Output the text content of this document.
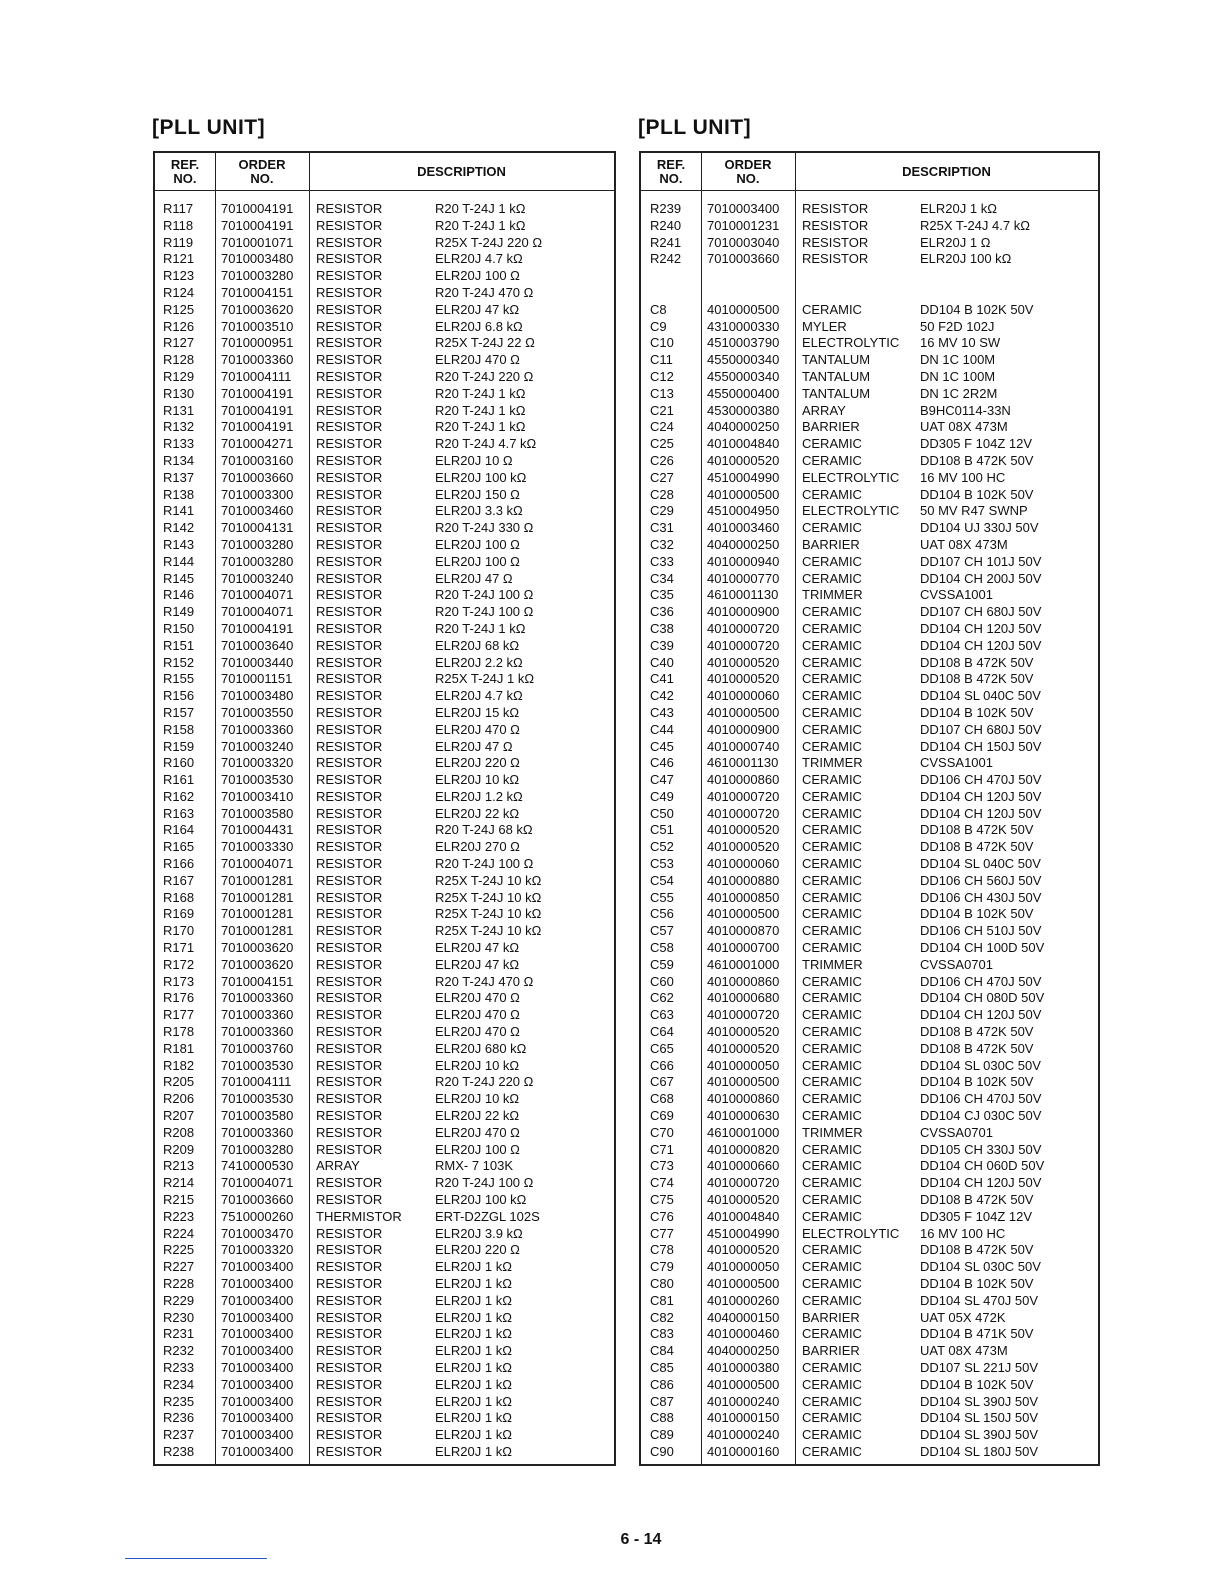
[PLL UNIT]	[PLL UNIT]
REF.
NO.
ORDER
NO.	DESCRIPTION
R117 7010004191 RESISTOR	R20 T-24J 1 kΩ
R118 7010004191 RESISTOR	R20 T-24J 1 kΩ
R119 7010001071 RESISTOR	R25X T-24J 220 Ω
R121 7010003480 RESISTOR	ELR20J 4.7 kΩ
R123 7010003280 RESISTOR	ELR20J 100 Ω
R124 7010004151 RESISTOR	R20 T-24J 470 Ω
R125 7010003620 RESISTOR	ELR20J 47 kΩ
R126 7010003510 RESISTOR	ELR20J 6.8 kΩ
R127 7010000951 RESISTOR	R25X T-24J 22 Ω
R128 7010003360 RESISTOR	ELR20J 470 Ω
R129 7010004111 RESISTOR	R20 T-24J 220 Ω
R130 7010004191 RESISTOR	R20 T-24J 1 kΩ
R131 7010004191 RESISTOR	R20 T-24J 1 kΩ
R132 7010004191 RESISTOR	R20 T-24J 1 kΩ
R133 7010004271 RESISTOR	R20 T-24J 4.7 kΩ
R134 7010003160 RESISTOR	ELR20J 10 Ω
R137 7010003660 RESISTOR	ELR20J 100 kΩ
R138 7010003300 RESISTOR	ELR20J 150 Ω
R141 7010003460 RESISTOR	ELR20J 3.3 kΩ
R142 7010004131 RESISTOR	R20 T-24J 330 Ω
R143 7010003280 RESISTOR	ELR20J 100 Ω
R144 7010003280 RESISTOR	ELR20J 100 Ω
R145 7010003240 RESISTOR	ELR20J 47 Ω
R146 7010004071 RESISTOR	R20 T-24J 100 Ω
R149 7010004071 RESISTOR	R20 T-24J 100 Ω
R150 7010004191 RESISTOR	R20 T-24J 1 kΩ
R151 7010003640 RESISTOR	ELR20J 68 kΩ
R152 7010003440 RESISTOR	ELR20J 2.2 kΩ
R155 7010001151 RESISTOR	R25X T-24J 1 kΩ
R156 7010003480 RESISTOR	ELR20J 4.7 kΩ
R157 7010003550 RESISTOR	ELR20J 15 kΩ
R158 7010003360 RESISTOR	ELR20J 470 Ω
R159 7010003240 RESISTOR	ELR20J 47 Ω
R160 7010003320 RESISTOR	ELR20J 220 Ω
R161 7010003530 RESISTOR	ELR20J 10 kΩ
R162 7010003410 RESISTOR	ELR20J 1.2 kΩ
R163 7010003580 RESISTOR	ELR20J 22 kΩ
R164 7010004431 RESISTOR	R20 T-24J 68 kΩ
R165 7010003330 RESISTOR	ELR20J 270 Ω
R166 7010004071 RESISTOR	R20 T-24J 100 Ω
R167 7010001281 RESISTOR	R25X T-24J 10 kΩ
R168 7010001281 RESISTOR	R25X T-24J 10 kΩ
R169 7010001281 RESISTOR	R25X T-24J 10 kΩ
R170 7010001281 RESISTOR	R25X T-24J 10 kΩ
R171 7010003620 RESISTOR	ELR20J 47 kΩ
R172 7010003620 RESISTOR	ELR20J 47 kΩ
R173 7010004151 RESISTOR	R20 T-24J 470 Ω
R176 7010003360 RESISTOR	ELR20J 470 Ω
R177 7010003360 RESISTOR	ELR20J 470 Ω
R178 7010003360 RESISTOR	ELR20J 470 Ω
R181 7010003760 RESISTOR	ELR20J 680 kΩ
R182 7010003530 RESISTOR	ELR20J 10 kΩ
R205 7010004111 RESISTOR	R20 T-24J 220 Ω
R206 7010003530 RESISTOR	ELR20J 10 kΩ
R207 7010003580 RESISTOR	ELR20J 22 kΩ
R208 7010003360 RESISTOR	ELR20J 470 Ω
R209 7010003280 RESISTOR	ELR20J 100 Ω
R213 7410000530 ARRAY	RMX- 7 103K
R214 7010004071 RESISTOR	R20 T-24J 100 Ω
R215 7010003660 RESISTOR	ELR20J 100 kΩ
R223 7510000260 THERMISTOR	ERT-D2ZGL 102S
R224 7010003470 RESISTOR	ELR20J 3.9 kΩ
R225 7010003320 RESISTOR	ELR20J 220 Ω
R227 7010003400 RESISTOR	ELR20J 1 kΩ
R228 7010003400 RESISTOR	ELR20J 1 kΩ
R229 7010003400 RESISTOR	ELR20J 1 kΩ
R230 7010003400 RESISTOR	ELR20J 1 kΩ
R231 7010003400 RESISTOR	ELR20J 1 kΩ
R232 7010003400 RESISTOR	ELR20J 1 kΩ
R233 7010003400 RESISTOR	ELR20J 1 kΩ
R234 7010003400 RESISTOR	ELR20J 1 kΩ
R235 7010003400 RESISTOR	ELR20J 1 kΩ
R236 7010003400 RESISTOR	ELR20J 1 kΩ
R237 7010003400 RESISTOR	ELR20J 1 kΩ
R238 7010003400 RESISTOR	ELR20J 1 kΩ
REF.
NO.
ORDER
NO.	DESCRIPTION
R239 7010003400 RESISTOR	ELR20J 1 kΩ
R240 7010001231 RESISTOR	R25X T-24J 4.7 kΩ
R241 7010003040 RESISTOR	ELR20J 1 Ω
R242 7010003660 RESISTOR	ELR20J 100 kΩ
C8	4010000500 CERAMIC	DD104 B 102K 50V
C9	4310000330 MYLER	50 F2D 102J
C10	4510003790 ELECTROLYTIC 16 MV 10 SW
C11	4550000340 TANTALUM	DN 1C 100M
C12	4550000340 TANTALUM	DN 1C 100M
C13	4550000400 TANTALUM	DN 1C 2R2M
C21	4530000380 ARRAY	B9HC0114-33N
C24	4040000250 BARRIER	UAT 08X 473M
C25	4010004840 CERAMIC	DD305 F 104Z 12V
C26	4010000520 CERAMIC	DD108 B 472K 50V
C27	4510004990 ELECTROLYTIC 16 MV 100 HC
C28	4010000500 CERAMIC	DD104 B 102K 50V
C29	4510004950 ELECTROLYTIC 50 MV R47 SWNP
C31	4010003460 CERAMIC	DD104 UJ 330J 50V
C32	4040000250 BARRIER	UAT 08X 473M
C33	4010000940 CERAMIC	DD107 CH 101J 50V
C34	4010000770 CERAMIC	DD104 CH 200J 50V
C35	4610001130 TRIMMER	CVSSA1001
C36	4010000900 CERAMIC	DD107 CH 680J 50V
C38	4010000720 CERAMIC	DD104 CH 120J 50V
C39	4010000720 CERAMIC	DD104 CH 120J 50V
C40	4010000520 CERAMIC	DD108 B 472K 50V
C41	4010000520 CERAMIC	DD108 B 472K 50V
C42	4010000060 CERAMIC	DD104 SL 040C 50V
C43	4010000500 CERAMIC	DD104 B 102K 50V
C44	4010000900 CERAMIC	DD107 CH 680J 50V
C45	4010000740 CERAMIC	DD104 CH 150J 50V
C46	4610001130 TRIMMER	CVSSA1001
C47	4010000860 CERAMIC	DD106 CH 470J 50V
C49	4010000720 CERAMIC	DD104 CH 120J 50V
C50	4010000720 CERAMIC	DD104 CH 120J 50V
C51	4010000520 CERAMIC	DD108 B 472K 50V
C52	4010000520 CERAMIC	DD108 B 472K 50V
C53	4010000060 CERAMIC	DD104 SL 040C 50V
C54	4010000880 CERAMIC	DD106 CH 560J 50V
C55	4010000850 CERAMIC	DD106 CH 430J 50V
C56	4010000500 CERAMIC	DD104 B 102K 50V
C57	4010000870 CERAMIC	DD106 CH 510J 50V
C58	4010000700 CERAMIC	DD104 CH 100D 50V
C59	4610001000 TRIMMER	CVSSA0701
C60	4010000860 CERAMIC	DD106 CH 470J 50V
C62	4010000680 CERAMIC	DD104 CH 080D 50V
C63	4010000720 CERAMIC	DD104 CH 120J 50V
C64	4010000520 CERAMIC	DD108 B 472K 50V
C65	4010000520 CERAMIC	DD108 B 472K 50V
C66	4010000050 CERAMIC	DD104 SL 030C 50V
C67	4010000500 CERAMIC	DD104 B 102K 50V
C68	4010000860 CERAMIC	DD106 CH 470J 50V
C69	4010000630 CERAMIC	DD104 CJ 030C 50V
C70	4610001000 TRIMMER	CVSSA0701
C71	4010000820 CERAMIC	DD105 CH 330J 50V
C73	4010000660 CERAMIC	DD104 CH 060D 50V
C74	4010000720 CERAMIC	DD104 CH 120J 50V
C75	4010000520 CERAMIC	DD108 B 472K 50V
C76	4010004840 CERAMIC	DD305 F 104Z 12V
C77	4510004990 ELECTROLYTIC 16 MV 100 HC
C78	4010000520 CERAMIC	DD108 B 472K 50V
C79	4010000050 CERAMIC	DD104 SL 030C 50V
C80	4010000500 CERAMIC	DD104 B 102K 50V
C81	4010000260 CERAMIC	DD104 SL 470J 50V
C82	4040000150 BARRIER	UAT 05X 472K
C83	4010000460 CERAMIC	DD104 B 471K 50V
C84	4040000250 BARRIER	UAT 08X 473M
C85	4010000380 CERAMIC	DD107 SL 221J 50V
C86	4010000500 CERAMIC	DD104 B 102K 50V
C87	4010000240 CERAMIC	DD104 SL 390J 50V
C88	4010000150 CERAMIC	DD104 SL 150J 50V
C89	4010000240 CERAMIC	DD104 SL 390J 50V
C90	4010000160 CERAMIC	DD104 SL 180J 50V
6 - 14
